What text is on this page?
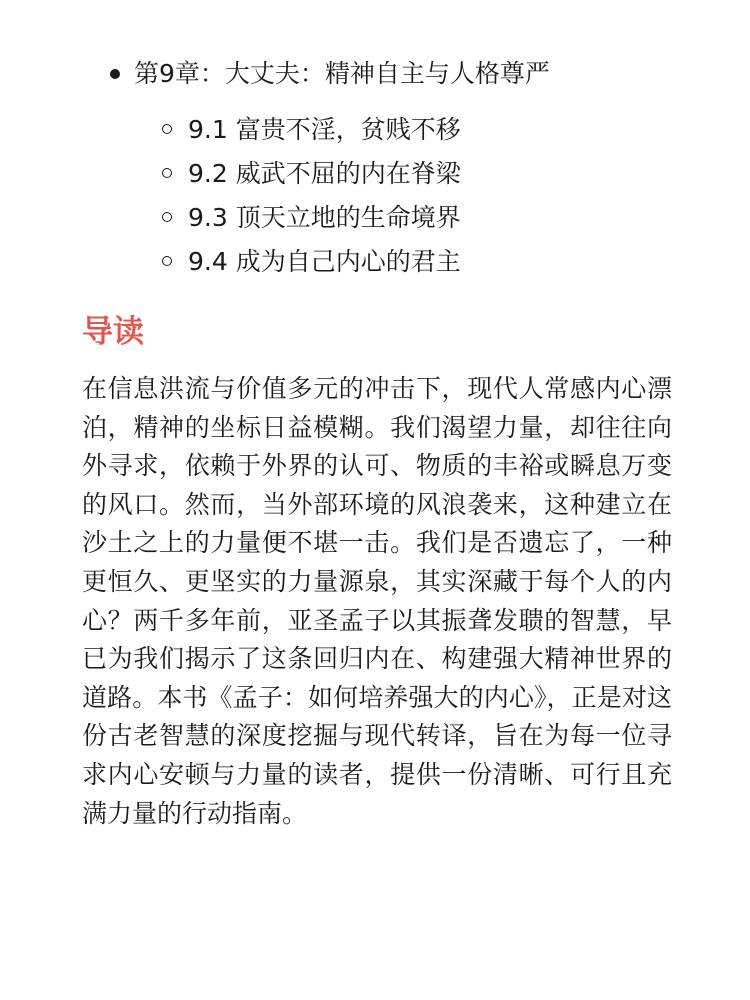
第9章：大丈夫：精神自主与人格尊严
9.1 富贵不淫，贫贱不移
9.2 威武不屈的内在脊梁
9.3 顶天立地的生命境界
9.4 成为自己内心的君主
导读
在信息洪流与价值多元的冲击下，现代人常感内心漂泊，精神的坐标日益模糊。我们渴望力量，却往往向外寻求，依赖于外界的认可、物质的丰裕或瞬息万变的风口。然而，当外部环境的风浪袭来，这种建立在沙土之上的力量便不堪一击。我们是否遗忘了，一种更恒久、更坚实的力量源泉，其实深藏于每个人的内心？两千多年前，亚圣孟子以其振聋发聩的智慧，早已为我们揭示了这条回归内在、构建强大精神世界的道路。本书《孟子：如何培养强大的内心》，正是对这份古老智慧的深度挖掘与现代转译，旨在为每一位寻求内心安顿与力量的读者，提供一份清晰、可行且充满力量的行动指南。
